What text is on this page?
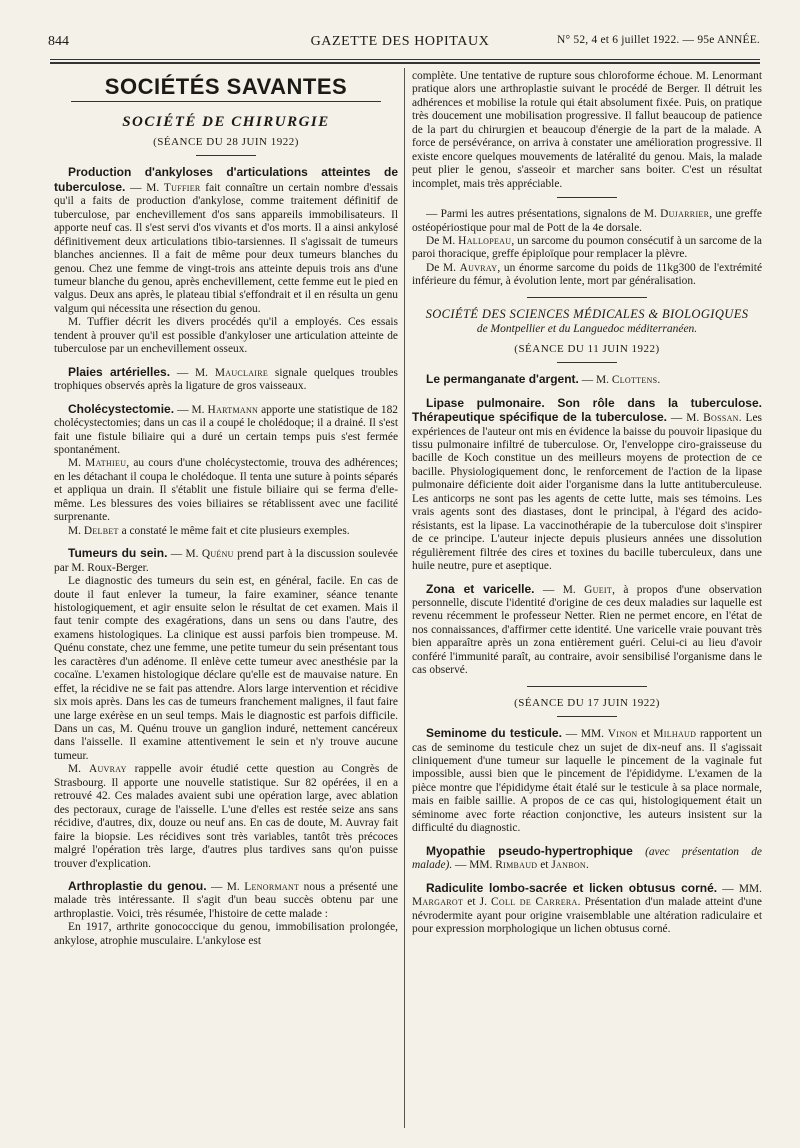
844	GAZETTE DES HOPITAUX	N° 52, 4 et 6 juillet 1922. — 95e ANNÉE.
SOCIÉTÉS SAVANTES
SOCIÉTÉ DE CHIRURGIE
(SÉANCE DU 28 JUIN 1922)

Production d'ankyloses d'articulations atteintes de tuberculose. — M. Tuffier fait connaître un certain nombre d'essais qu'il a faits de production d'ankylose, comme traitement définitif de tuberculose, par enchevillement d'os sans appareils immobilisateurs. Il apporte neuf cas. Il s'est servi d'os vivants et d'os morts. Il a ainsi ankylosé définitivement deux articulations tibio-tarsiennes. Il s'agissait de tumeurs blanches anciennes. Il a fait de même pour deux tumeurs blanches du genou. Chez une femme de vingt-trois ans atteinte depuis trois ans d'une tumeur blanche du genou, après enchevillement, cette femme eut le pied en valgus. Deux ans après, le plateau tibial s'effondrait et il en résulta un genu valgum qui nécessita une résection du genou.

M. Tuffier décrit les divers procédés qu'il a employés. Ces essais tendent à prouver qu'il est possible d'ankyloser une articulation atteinte de tuberculose par un enchevillement osseux.

Plaies artérielles. — M. Mauclaire signale quelques troubles trophiques observés après la ligature de gros vaisseaux.

Cholécystectomie. — M. Hartmann apporte une statistique de 182 cholécystectomies; dans un cas il a coupé le cholédoque; il a drainé. Il s'est fait une fistule biliaire qui a duré un certain temps puis s'est fermée spontanément.

M. Mathieu, au cours d'une cholécystectomie, trouva des adhérences; en les détachant il coupa le cholédoque. Il tenta une suture à points séparés et appliqua un drain. Il s'établit une fistule biliaire qui se ferma d'elle-même. Les blessures des voies biliaires se rétablissent avec une facilité surprenante.

M. Delbet a constaté le même fait et cite plusieurs exemples.

Tumeurs du sein. — M. Quénu prend part à la discussion soulevée par M. Roux-Berger.

Le diagnostic des tumeurs du sein est, en général, facile. En cas de doute il faut enlever la tumeur, la faire examiner, séance tenante histologiquement, et agir ensuite selon le résultat de cet examen. Mais il faut tenir compte des exagérations, dans un sens ou dans l'autre, des examens histologiques. La clinique est aussi parfois bien trompeuse. M. Quénu constate, chez une femme, une petite tumeur du sein présentant tous les caractères d'un adénome. Il enlève cette tumeur avec anesthésie par la cocaïne. L'examen histologique déclare qu'elle est de mauvaise nature. En effet, la récidive ne se fait pas attendre. Alors large intervention et récidive six mois après. Dans les cas de tumeurs franchement malignes, il faut faire une large exérèse en un seul temps. Mais le diagnostic est parfois difficile. Dans un cas, M. Quénu trouve un ganglion induré, nettement cancéreux dans l'aisselle. Il examine attentivement le sein et n'y trouve aucune tumeur.

M. Auvray rappelle avoir étudié cette question au Congrès de Strasbourg. Il apporte une nouvelle statistique. Sur 82 opérées, il en a retrouvé 42. Ces malades avaient subi une opération large, avec ablation des pectoraux, curage de l'aisselle. L'une d'elles est restée seize ans sans récidive, d'autres, dix, douze ou neuf ans. En cas de doute, M. Auvray fait faire la biopsie. Les récidives sont très variables, tantôt très précoces malgré l'opération très large, d'autres plus tardives sans qu'on puisse trouver d'explication.

Arthroplastie du genou. — M. Lenormant nous a présenté une malade très intéressante. Il s'agit d'un beau succès obtenu par une arthroplastie. Voici, très résumée, l'histoire de cette malade :

En 1917, arthrite gonococcique du genou, immobilisation prolongée, ankylose, atrophie musculaire. L'ankylose est

complète. Une tentative de rupture sous chloroforme échoue. M. Lenormant pratique alors une arthroplastie suivant le procédé de Berger. Il détruit les adhérences et mobilise la rotule qui était absolument fixée. Puis, on pratique très doucement une mobilisation progressive. Il fallut beaucoup de patience de la part du chirurgien et beaucoup d'énergie de la part de la malade. A force de persévérance, on arriva à constater une amélioration progressive. Il existe encore quelques mouvements de latéralité du genou. Mais, la malade peut plier le genou, s'asseoir et marcher sans boiter. C'est un résultat incomplet, mais très appréciable.

— Parmi les autres présentations, signalons de M. Dujarrier, une greffe ostéopériostique pour mal de Pott de la 4e dorsale.

De M. Hallopeau, un sarcome du poumon consécutif à un sarcome de la paroi thoracique, greffe épiploïque pour remplacer la plèvre.

De M. Auvray, un énorme sarcome du poids de 11kg300 de l'extrémité inférieure du fémur, à évolution lente, mort par généralisation.

SOCIÉTÉ DES SCIENCES MÉDICALES & BIOLOGIQUES
de Montpellier et du Languedoc méditerranéen.
(SÉANCE DU 11 JUIN 1922)

Le permanganate d'argent. — M. Clottens.

Lipase pulmonaire. Son rôle dans la tuberculose. Thérapeutique spécifique de la tuberculose. — M. Bossan. Les expériences de l'auteur ont mis en évidence la baisse du pouvoir lipasique du tissu pulmonaire infiltré de tuberculose. Or, l'enveloppe ciro-graisseuse du bacille de Koch constitue un des meilleurs moyens de protection de ce bacille. Physiologiquement donc, le renforcement de l'action de la lipase pulmonaire déficiente doit aider l'organisme dans la lutte antituberculeuse. Les anticorps ne sont pas les agents de cette lutte, mais ses témoins. Les vrais agents sont des diastases, dont le principal, à l'égard des acido-résistants, est la lipase. La vaccinothérapie de la tuberculose doit s'inspirer de ce principe. L'auteur injecte depuis plusieurs années une dissolution régulièrement filtrée des cires et toxines du bacille tuberculeux, dans une huile neutre, pure et aseptique.

Zona et varicelle. — M. Gueit, à propos d'une observation personnelle, discute l'identité d'origine de ces deux maladies sur laquelle est revenu récemment le professeur Netter. Rien ne permet encore, en l'état de nos connaissances, d'affirmer cette identité. Une varicelle vraie pouvant très bien apparaître après un zona entièrement guéri. Celui-ci au lieu d'avoir conféré l'immunité paraît, au contraire, avoir sensibilisé l'organisme dans le cas observé.

(SÉANCE DU 17 JUIN 1922)

Seminome du testicule. — MM. Vinon et Milhaud rapportent un cas de seminome du testicule chez un sujet de dix-neuf ans. Il s'agissait cliniquement d'une tumeur sur laquelle le pincement de la vaginale fut impossible, aussi bien que le pincement de l'épididyme. L'examen de la pièce montre que l'épididyme était étalé sur le testicule à sa place normale, mais en faible saillie. A propos de ce cas qui, histologiquement était un séminome avec forte réaction conjonctive, les auteurs insistent sur la difficulté du diagnostic.

Myopathie pseudo-hypertrophique (avec présentation de malade). — MM. Rimbaud et Janbon.

Radiculite lombo-sacrée et licken obtusus corné. — MM. Margarot et J. Coll de Carrera. Présentation d'un malade atteint d'une névrodermite ayant pour origine vraisemblable une altération radiculaire et pour expression morphologique un lichen obtusus corné.
